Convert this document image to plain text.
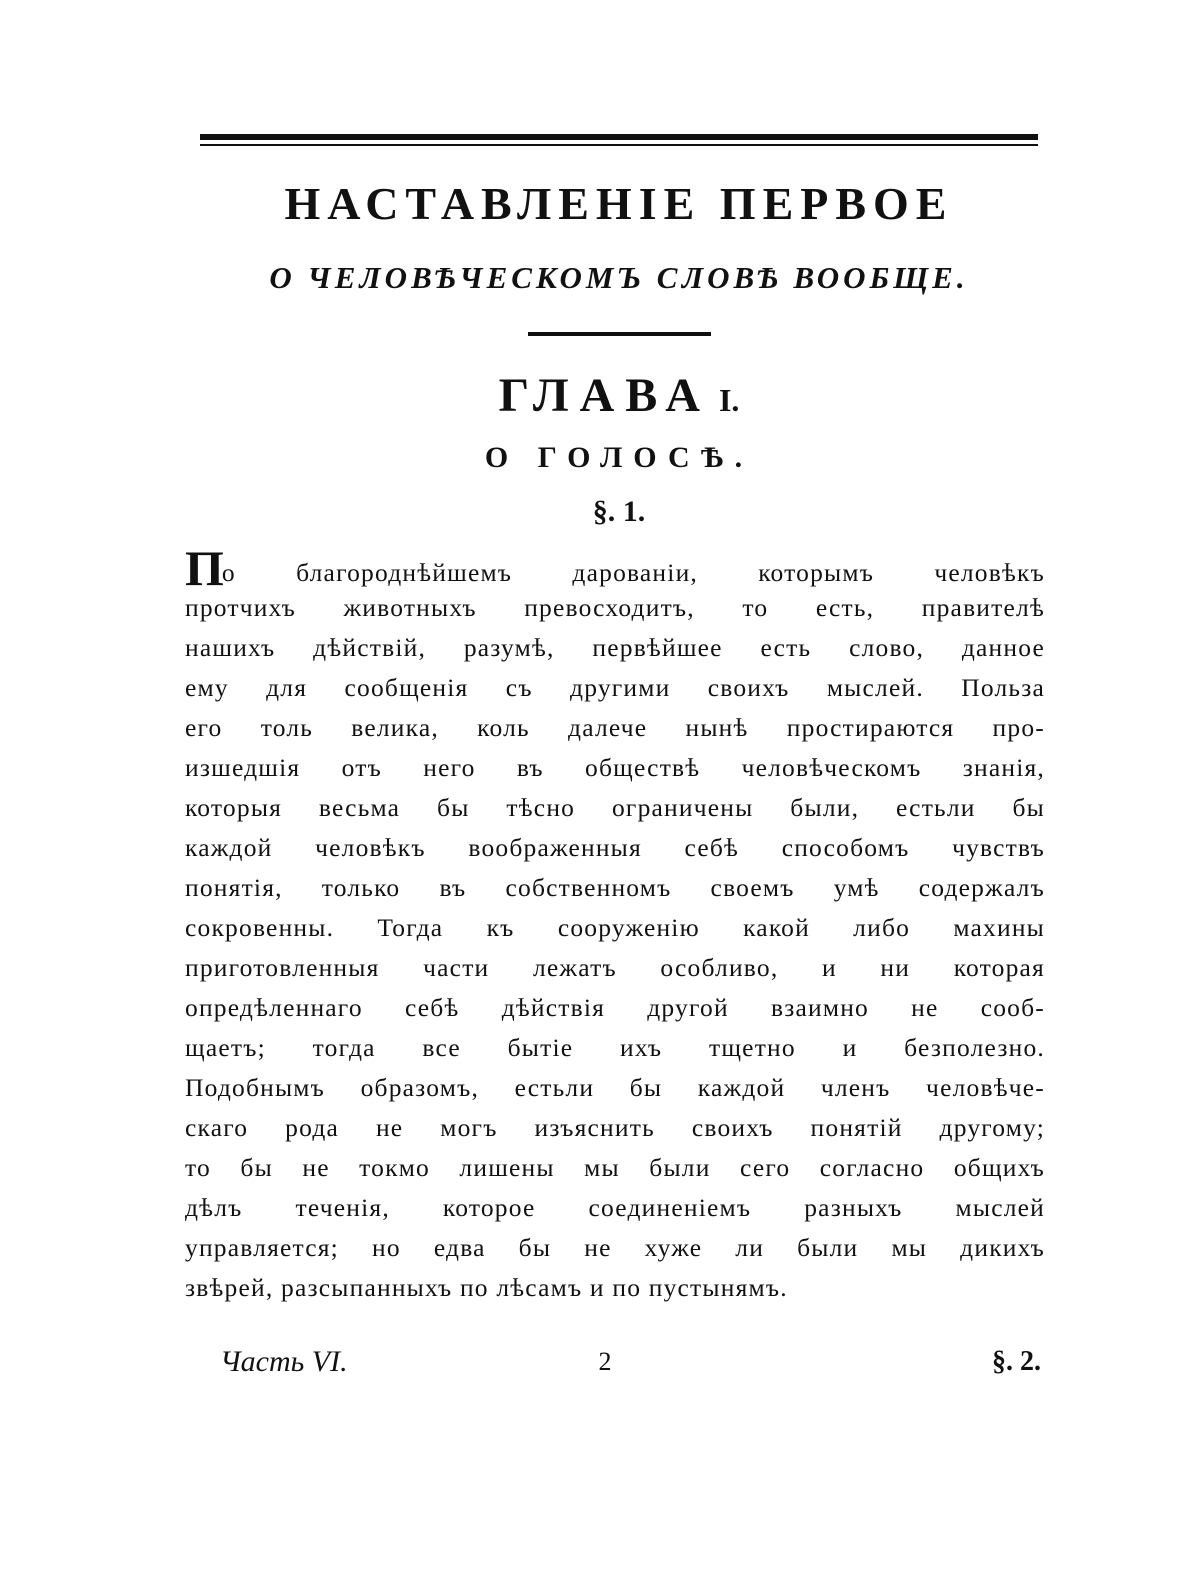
НАСТАВЛЕНІЕ ПЕРВОЕ
О ЧЕЛОВѢЧЕСКОМЪ СЛОВѢ ВООБЩЕ.
ГЛАВА I.
О ГОЛОСѢ.
§. 1.
По благороднѣйшемъ дарованіи, которымъ человѣкъ
протчихъ животныхъ превосходитъ, то есть, правителѣ
нашихъ дѣйствій, разумѣ, первѣйшее есть слово, данное
ему для сообщенія съ другими своихъ мыслей. Польза
его толь велика, коль далече нынѣ простираются про-
изшедшія отъ него въ обществѣ человѣческомъ знанія,
которыя весьма бы тѣсно ограничены были, естьли бы
каждой человѣкъ воображенныя себѣ способомъ чувствъ
понятія, только въ собственномъ своемъ умѣ содержалъ
сокровенны. Тогда къ сооруженію какой либо махины
приготовленныя части лежатъ особливо, и ни которая
опредѣленнаго себѣ дѣйствія другой взаимно не сооб-
щаетъ; тогда все бытіе ихъ тщетно и безполезно.
Подобнымъ образомъ, естьли бы каждой членъ человѣче-
скаго рода не могъ изъяснить своихъ понятій другому;
то бы не токмо лишены мы были сего согласно общихъ
дѣлъ теченія, которое соединеніемъ разныхъ мыслей
управляется; но едва бы не хуже ли были мы дикихъ
звѣрей, разсыпанныхъ по лѣсамъ и по пустынямъ.
Часть VI.	2	§. 2.
